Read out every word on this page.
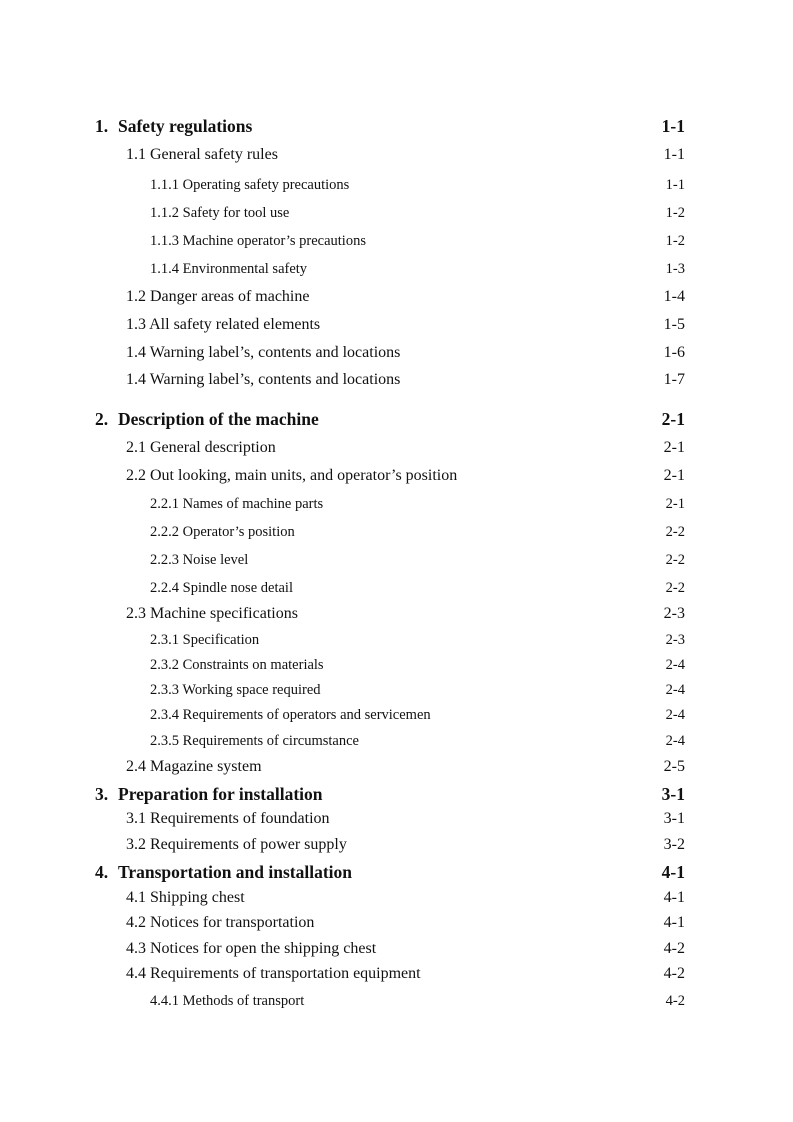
1. Safety regulations	1-1
1.1 General safety rules	1-1
1.1.1 Operating safety precautions	1-1
1.1.2 Safety for tool use	1-2
1.1.3 Machine operator’s precautions	1-2
1.1.4 Environmental safety	1-3
1.2 Danger areas of machine	1-4
1.3 All safety related elements	1-5
1.4 Warning label’s, contents and locations	1-6
1.4 Warning label’s, contents and locations	1-7
2. Description of the machine	2-1
2.1 General description	2-1
2.2 Out looking, main units, and operator’s position	2-1
2.2.1 Names of machine parts	2-1
2.2.2 Operator’s position	2-2
2.2.3 Noise level	2-2
2.2.4 Spindle nose detail	2-2
2.3 Machine specifications	2-3
2.3.1 Specification	2-3
2.3.2 Constraints on materials	2-4
2.3.3 Working space required	2-4
2.3.4 Requirements of operators and servicemen	2-4
2.3.5 Requirements of circumstance	2-4
2.4 Magazine system	2-5
3. Preparation for installation	3-1
3.1 Requirements of foundation	3-1
3.2 Requirements of power supply	3-2
4. Transportation and installation	4-1
4.1 Shipping chest	4-1
4.2 Notices for transportation	4-1
4.3 Notices for open the shipping chest	4-2
4.4 Requirements of transportation equipment	4-2
4.4.1 Methods of transport	4-2
